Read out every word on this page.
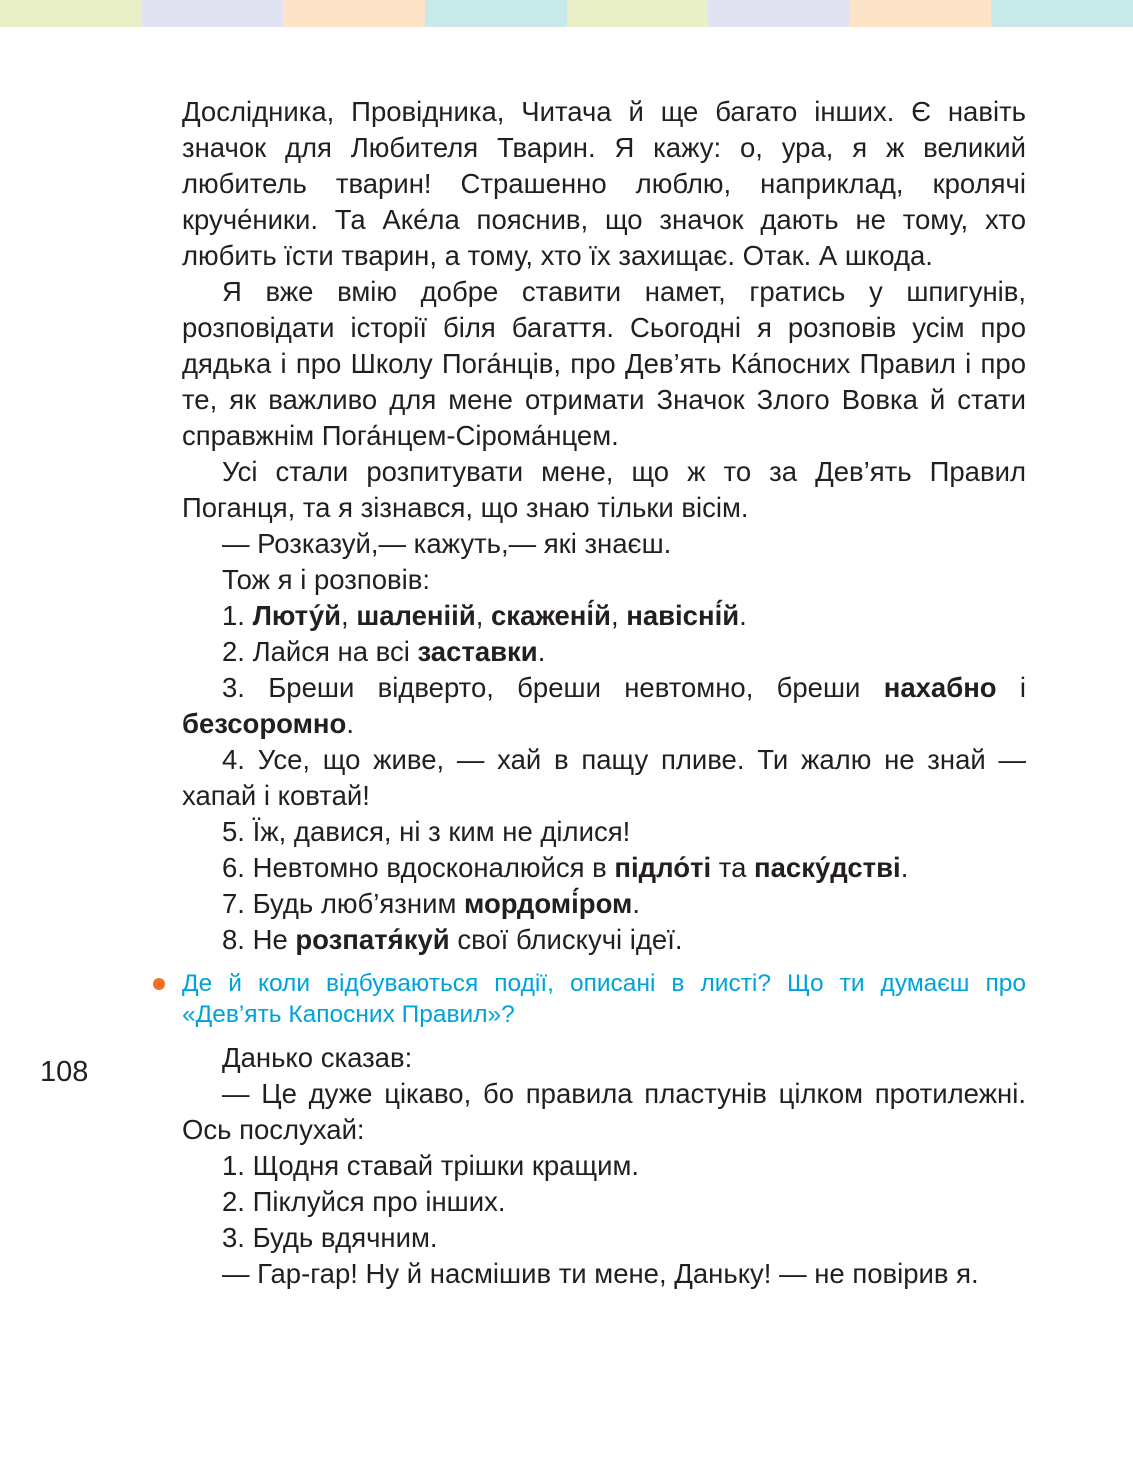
Дослідника, Провідника, Читача й ще багато інших. Є навіть значок для Любителя Тварин. Я кажу: о, ура, я ж великий любитель тварин! Страшенно люблю, наприклад, кролячі круче́ники. Та Аке́ла пояснив, що значок дають не тому, хто любить їсти тварин, а тому, хто їх захищає. Отак. А шкода.

Я вже вмію добре ставити намет, гратись у шпигунів, розповідати історії біля багаття. Сьогодні я розповів усім про дядька і про Школу Пога́нців, про Дев’ять Ка́посних Правил і про те, як важливо для мене отримати Значок Злого Вовка й стати справжнім Пога́нцем-Сірома́нцем.

Усі стали розпитувати мене, що ж то за Дев’ять Правил Поганця, та я зізнався, що знаю тільки вісім.

— Розказуй,— кажуть,— які знаєш.

Тож я і розповів:

1. Люту́й, шаленіій, скажені́й, навісні́й.

2. Лайся на всі заставки.

3. Бреши відверто, бреши невтомно, бреши нахабно і безсоромно.

4. Усе, що живе, — хай в пащу пливе. Ти жалю не знай — хапай і ковтай!

5. Їж, давися, ні з ким не ділися!

6. Невтомно вдосконалюйся в підло́ті та паску́дстві.

7. Будь люб’язним мордомі́ром.

8. Не розпатя́куй свої блискучі ідеї.

Де й коли відбуваються події, описані в листі? Що ти думаєш про «Дев’ять Капосних Правил»?

Данько сказав:

— Це дуже цікаво, бо правила пластунів цілком протилежні. Ось послухай:

1. Щодня ставай трішки кращим.

2. Піклуйся про інших.

3. Будь вдячним.

— Гар-гар! Ну й насмішив ти мене, Даньку! — не повірив я.

108
